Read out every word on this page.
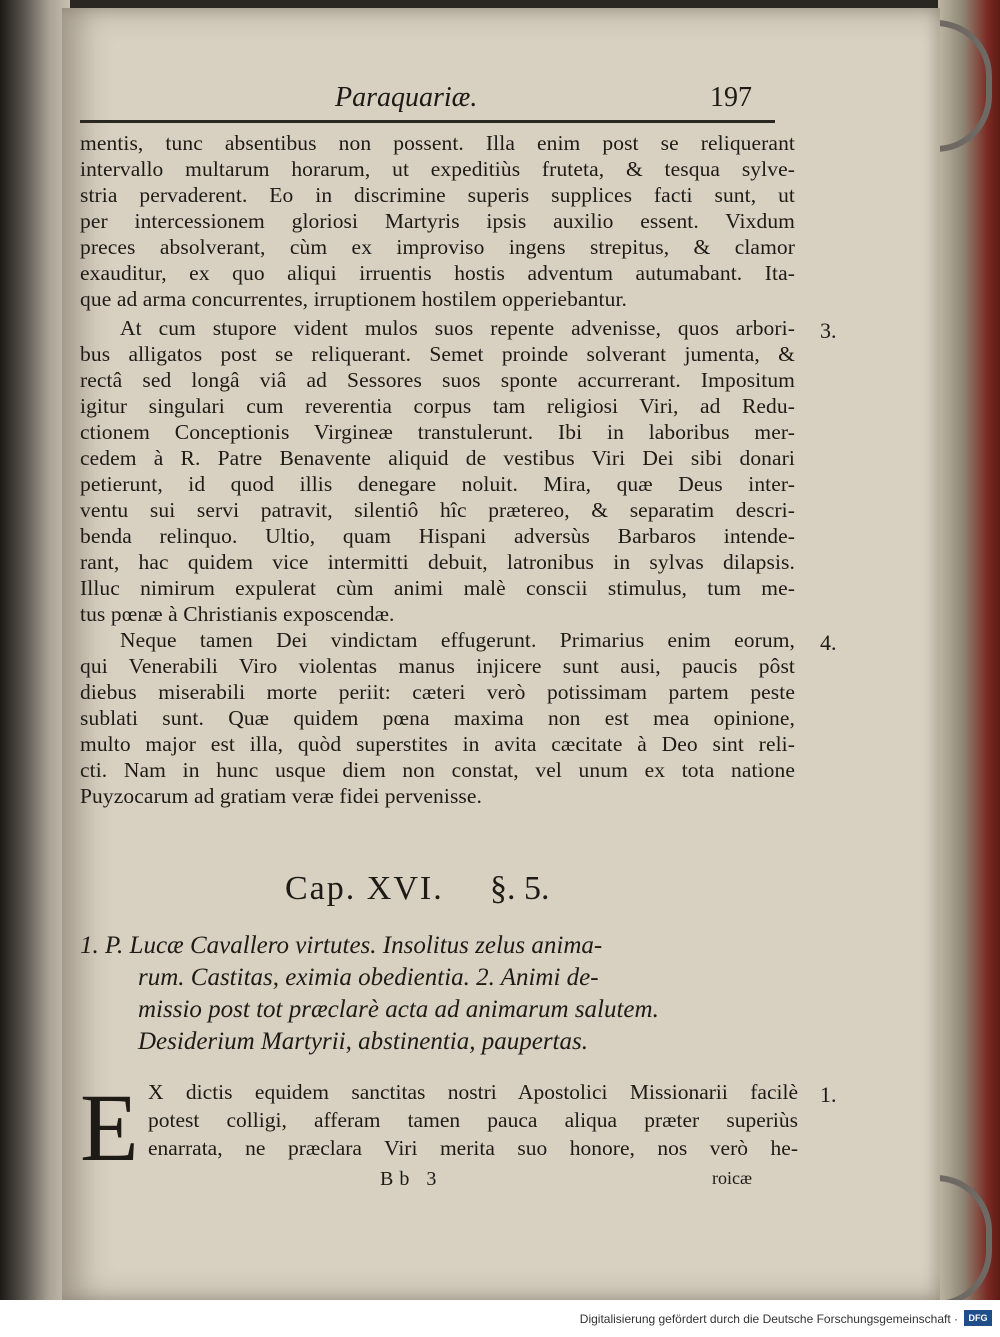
Paraquariæ.	197
mentis, tunc absentibus non possent. Illa enim post se reliquerant
intervallo multarum horarum, ut expeditiùs fruteta, & tesqua sylve-
stria pervaderent. Eo in discrimine superis supplices facti sunt, ut
per intercessionem gloriosi Martyris ipsis auxilio essent. Vixdum
preces absolverant, cùm ex improviso ingens strepitus, & clamor
exauditur, ex quo aliqui irruentis hostis adventum autumabant. Ita-
que ad arma concurrentes, irruptionem hostilem opperiebantur.
At cum stupore vident mulos suos repente advenisse, quos arbori- 3.
bus alligatos post se reliquerant. Semet proinde solverant jumenta, &
rectâ sed longâ viâ ad Sessores suos sponte accurrerant. Impositum
igitur singulari cum reverentia corpus tam religiosi Viri, ad Redu-
ctionem Conceptionis Virgineæ transtulerunt. Ibi in laboribus mer-
cedem à R. Patre Benavente aliquid de vestibus Viri Dei sibi donari
petierunt, id quod illis denegare noluit. Mira, quæ Deus inter-
ventu sui servi patravit, silentiô hîc prætereo, & separatim descri-
benda relinquo. Ultio, quam Hispani adversùs Barbaros intende-
rant, hac quidem vice intermitti debuit, latronibus in sylvas dilapsis.
Illuc nimirum expulerat cùm animi malè conscii stimulus, tum me-
tus pœnæ à Christianis exposcendæ.
Neque tamen Dei vindictam effugerunt. Primarius enim eorum, 4.
qui Venerabili Viro violentas manus injicere sunt ausi, paucis pôst
diebus miserabili morte periit: cæteri verò potissimam partem peste
sublati sunt. Quæ quidem pœna maxima non est mea opinione,
multo major est illa, quòd superstites in avita cæcitate à Deo sint reli-
cti. Nam in hunc usque diem non constat, vel unum ex tota natione
Puyzocarum ad gratiam veræ fidei pervenisse.
Cap. XVI. §. 5.
1. P. Lucæ Cavallero virtutes. Insolitus zelus anima-
rum. Castitas, eximia obedientia. 2. Animi de-
missio post tot præclarè acta ad animarum salutem.
Desiderium Martyrii, abstinentia, paupertas.
E X dictis equidem sanctitas nostri Apostolici Missionarii facilè 1.
potest colligi, afferam tamen pauca aliqua præter superiùs
enarrata, ne præclara Viri merita suo honore, nos verò he-
Bb 3	roicæ
Digitalisierung gefördert durch die Deutsche Forschungsgemeinschaft ·	DFG
